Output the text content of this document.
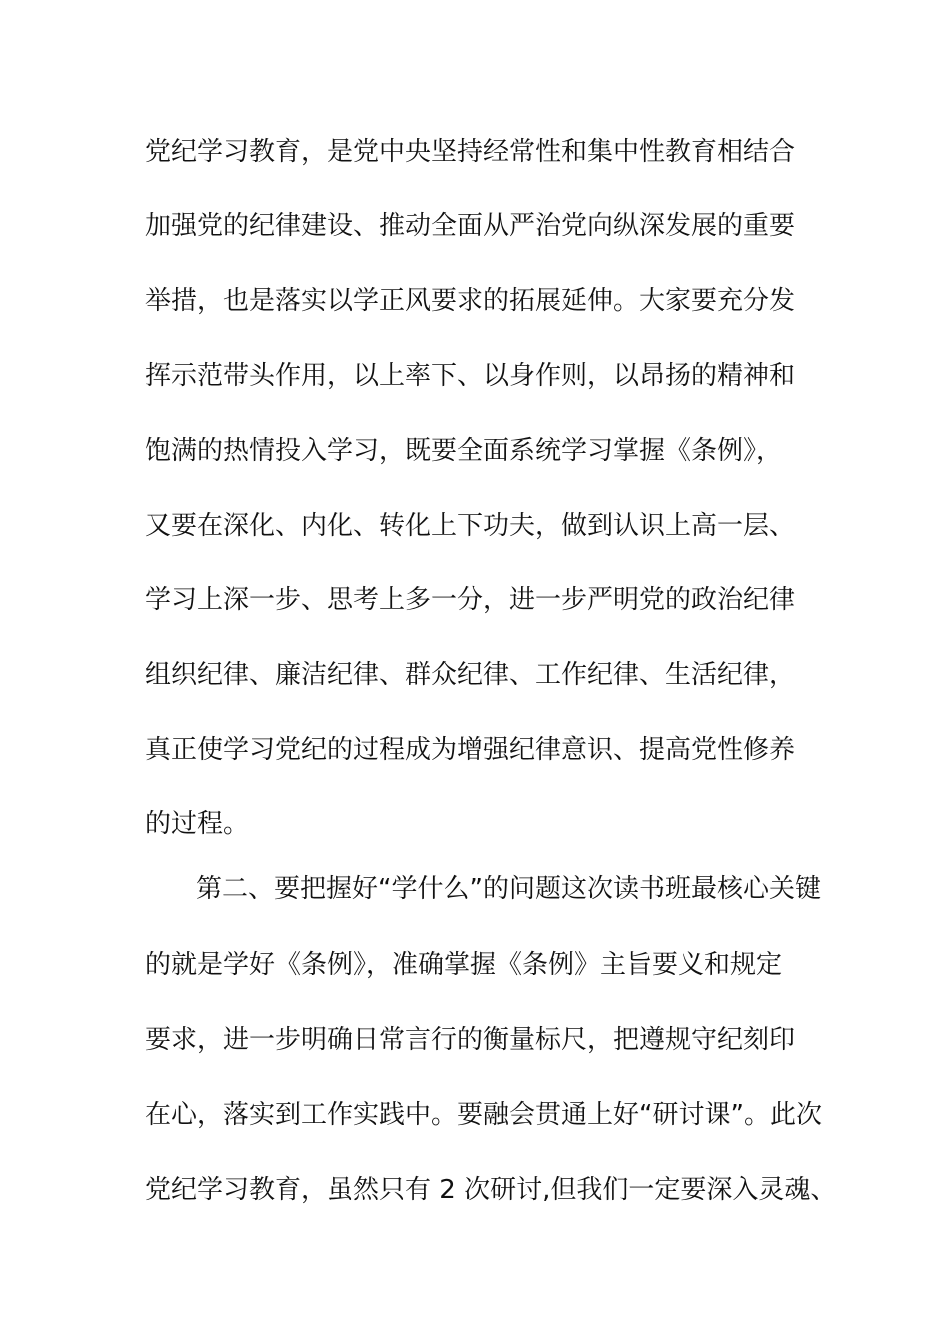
党纪学习教育，是党中央坚持经常性和集中性教育相结合
加强党的纪律建设、推动全面从严治党向纵深发展的重要
举措，也是落实以学正风要求的拓展延伸。大家要充分发
挥示范带头作用，以上率下、以身作则，以昂扬的精神和
饱满的热情投入学习，既要全面系统学习掌握《条例》，
又要在深化、内化、转化上下功夫，做到认识上高一层、
学习上深一步、思考上多一分，进一步严明党的政治纪律
组织纪律、廉洁纪律、群众纪律、工作纪律、生活纪律，
真正使学习党纪的过程成为增强纪律意识、提高党性修养
的过程。
第二、要把握好“学什么”的问题这次读书班最核心关键
的就是学好《条例》，准确掌握《条例》主旨要义和规定
要求，进一步明确日常言行的衡量标尺，把遵规守纪刻印
在心，落实到工作实践中。要融会贯通上好“研讨课”。此次
党纪学习教育，虽然只有 2 次研讨,但我们一定要深入灵魂、
